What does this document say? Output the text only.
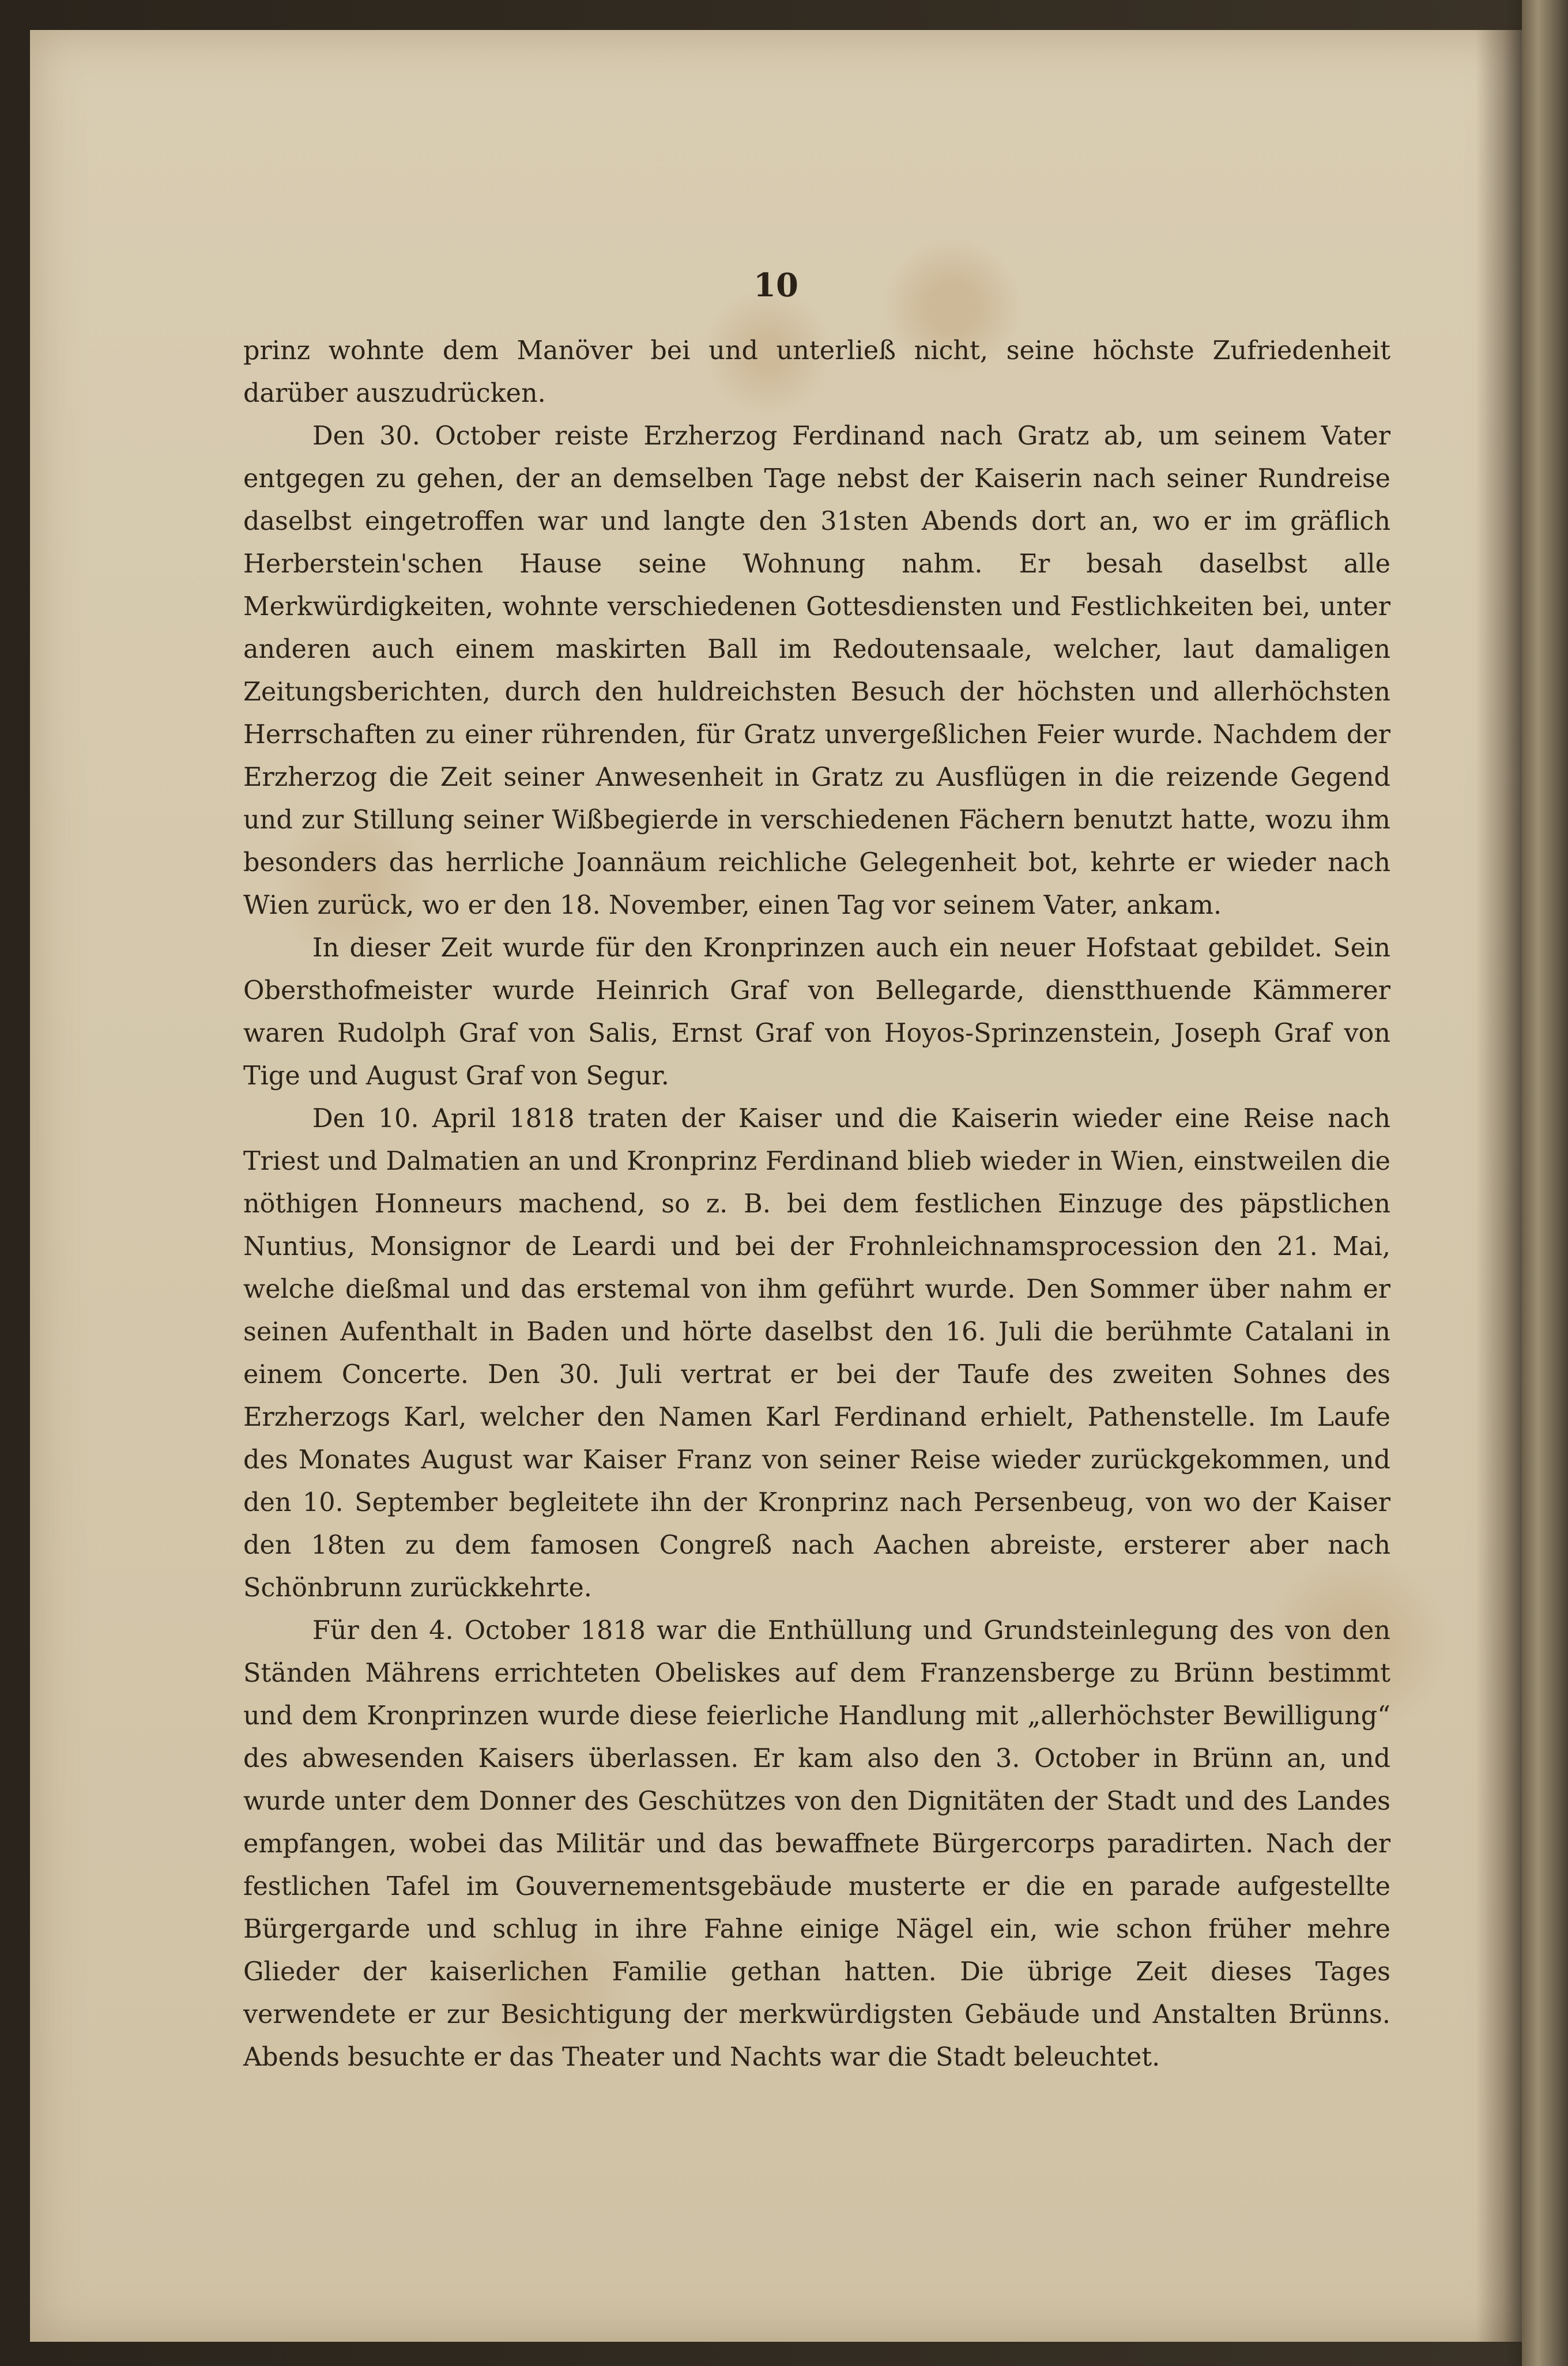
10

prinz wohnte dem Manöver bei und unterließ nicht, seine höchste Zufriedenheit darüber auszudrücken.

Den 30. October reiste Erzherzog Ferdinand nach Gratz ab, um seinem Vater entgegen zu gehen, der an demselben Tage nebst der Kaiserin nach seiner Rundreise daselbst eingetroffen war und langte den 31sten Abends dort an, wo er im gräflich Herberstein'schen Hause seine Wohnung nahm. Er besah daselbst alle Merkwürdigkeiten, wohnte verschiedenen Gottesdiensten und Festlichkeiten bei, unter anderen auch einem maskirten Ball im Redoutensaale, welcher, laut damaligen Zeitungsberichten, durch den huldreichsten Besuch der höchsten und allerhöchsten Herrschaften zu einer rührenden, für Gratz unvergeßlichen Feier wurde. Nachdem der Erzherzog die Zeit seiner Anwesenheit in Gratz zu Ausflügen in die reizende Gegend und zur Stillung seiner Wißbegierde in verschiedenen Fächern benutzt hatte, wozu ihm besonders das herrliche Joannäum reichliche Gelegenheit bot, kehrte er wieder nach Wien zurück, wo er den 18. November, einen Tag vor seinem Vater, ankam.

In dieser Zeit wurde für den Kronprinzen auch ein neuer Hofstaat gebildet. Sein Obersthofmeister wurde Heinrich Graf von Bellegarde, dienstthuende Kämmerer waren Rudolph Graf von Salis, Ernst Graf von Hoyos-Sprinzenstein, Joseph Graf von Tige und August Graf von Segur.

Den 10. April 1818 traten der Kaiser und die Kaiserin wieder eine Reise nach Triest und Dalmatien an und Kronprinz Ferdinand blieb wieder in Wien, einstweilen die nöthigen Honneurs machend, so z. B. bei dem festlichen Einzuge des päpstlichen Nuntius, Monsignor de Leardi und bei der Frohnleichnamsprocession den 21. Mai, welche dießmal und das erstemal von ihm geführt wurde. Den Sommer über nahm er seinen Aufenthalt in Baden und hörte daselbst den 16. Juli die berühmte Catalani in einem Concerte. Den 30. Juli vertrat er bei der Taufe des zweiten Sohnes des Erzherzogs Karl, welcher den Namen Karl Ferdinand erhielt, Pathenstelle. Im Laufe des Monates August war Kaiser Franz von seiner Reise wieder zurückgekommen, und den 10. September begleitete ihn der Kronprinz nach Persenbeug, von wo der Kaiser den 18ten zu dem famosen Congreß nach Aachen abreiste, ersterer aber nach Schönbrunn zurückkehrte.

Für den 4. October 1818 war die Enthüllung und Grundsteinlegung des von den Ständen Mährens errichteten Obeliskes auf dem Franzensberge zu Brünn bestimmt und dem Kronprinzen wurde diese feierliche Handlung mit „allerhöchster Bewilligung“ des abwesenden Kaisers überlassen. Er kam also den 3. October in Brünn an, und wurde unter dem Donner des Geschützes von den Dignitäten der Stadt und des Landes empfangen, wobei das Militär und das bewaffnete Bürgercorps paradirten. Nach der festlichen Tafel im Gouvernementsgebäude musterte er die en parade aufgestellte Bürgergarde und schlug in ihre Fahne einige Nägel ein, wie schon früher mehre Glieder der kaiserlichen Familie gethan hatten. Die übrige Zeit dieses Tages verwendete er zur Besichtigung der merkwürdigsten Gebäude und Anstalten Brünns. Abends besuchte er das Theater und Nachts war die Stadt beleuchtet.
